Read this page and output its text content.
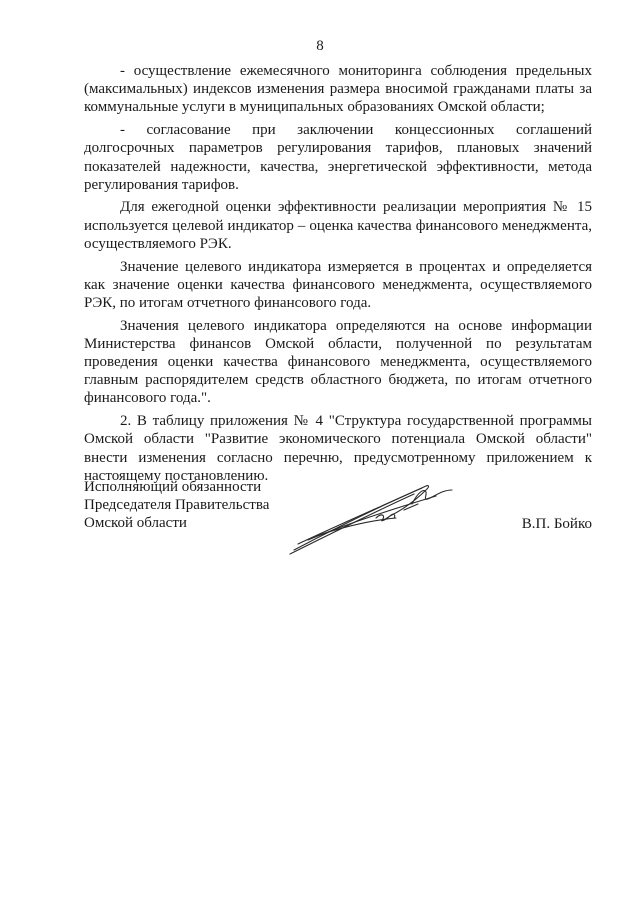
8

- осуществление ежемесячного мониторинга соблюдения предельных (максимальных) индексов изменения размера вносимой гражданами платы за коммунальные услуги в муниципальных образованиях Омской области;

- согласование при заключении концессионных соглашений долгосрочных параметров регулирования тарифов, плановых значений показателей надежности, качества, энергетической эффективности, метода регулирования тарифов.

Для ежегодной оценки эффективности реализации мероприятия № 15 используется целевой индикатор – оценка качества финансового менеджмента, осуществляемого РЭК.

Значение целевого индикатора измеряется в процентах и определяется как значение оценки качества финансового менеджмента, осуществляемого РЭК, по итогам отчетного финансового года.

Значения целевого индикатора определяются на основе информации Министерства финансов Омской области, полученной по результатам проведения оценки качества финансового менеджмента, осуществляемого главным распорядителем средств областного бюджета, по итогам отчетного финансового года.".

2. В таблицу приложения № 4 "Структура государственной программы Омской области "Развитие экономического потенциала Омской области" внести изменения согласно перечню, предусмотренному приложением к настоящему постановлению.

Исполняющий обязанности
Председателя Правительства
Омской области	В.П. Бойко
